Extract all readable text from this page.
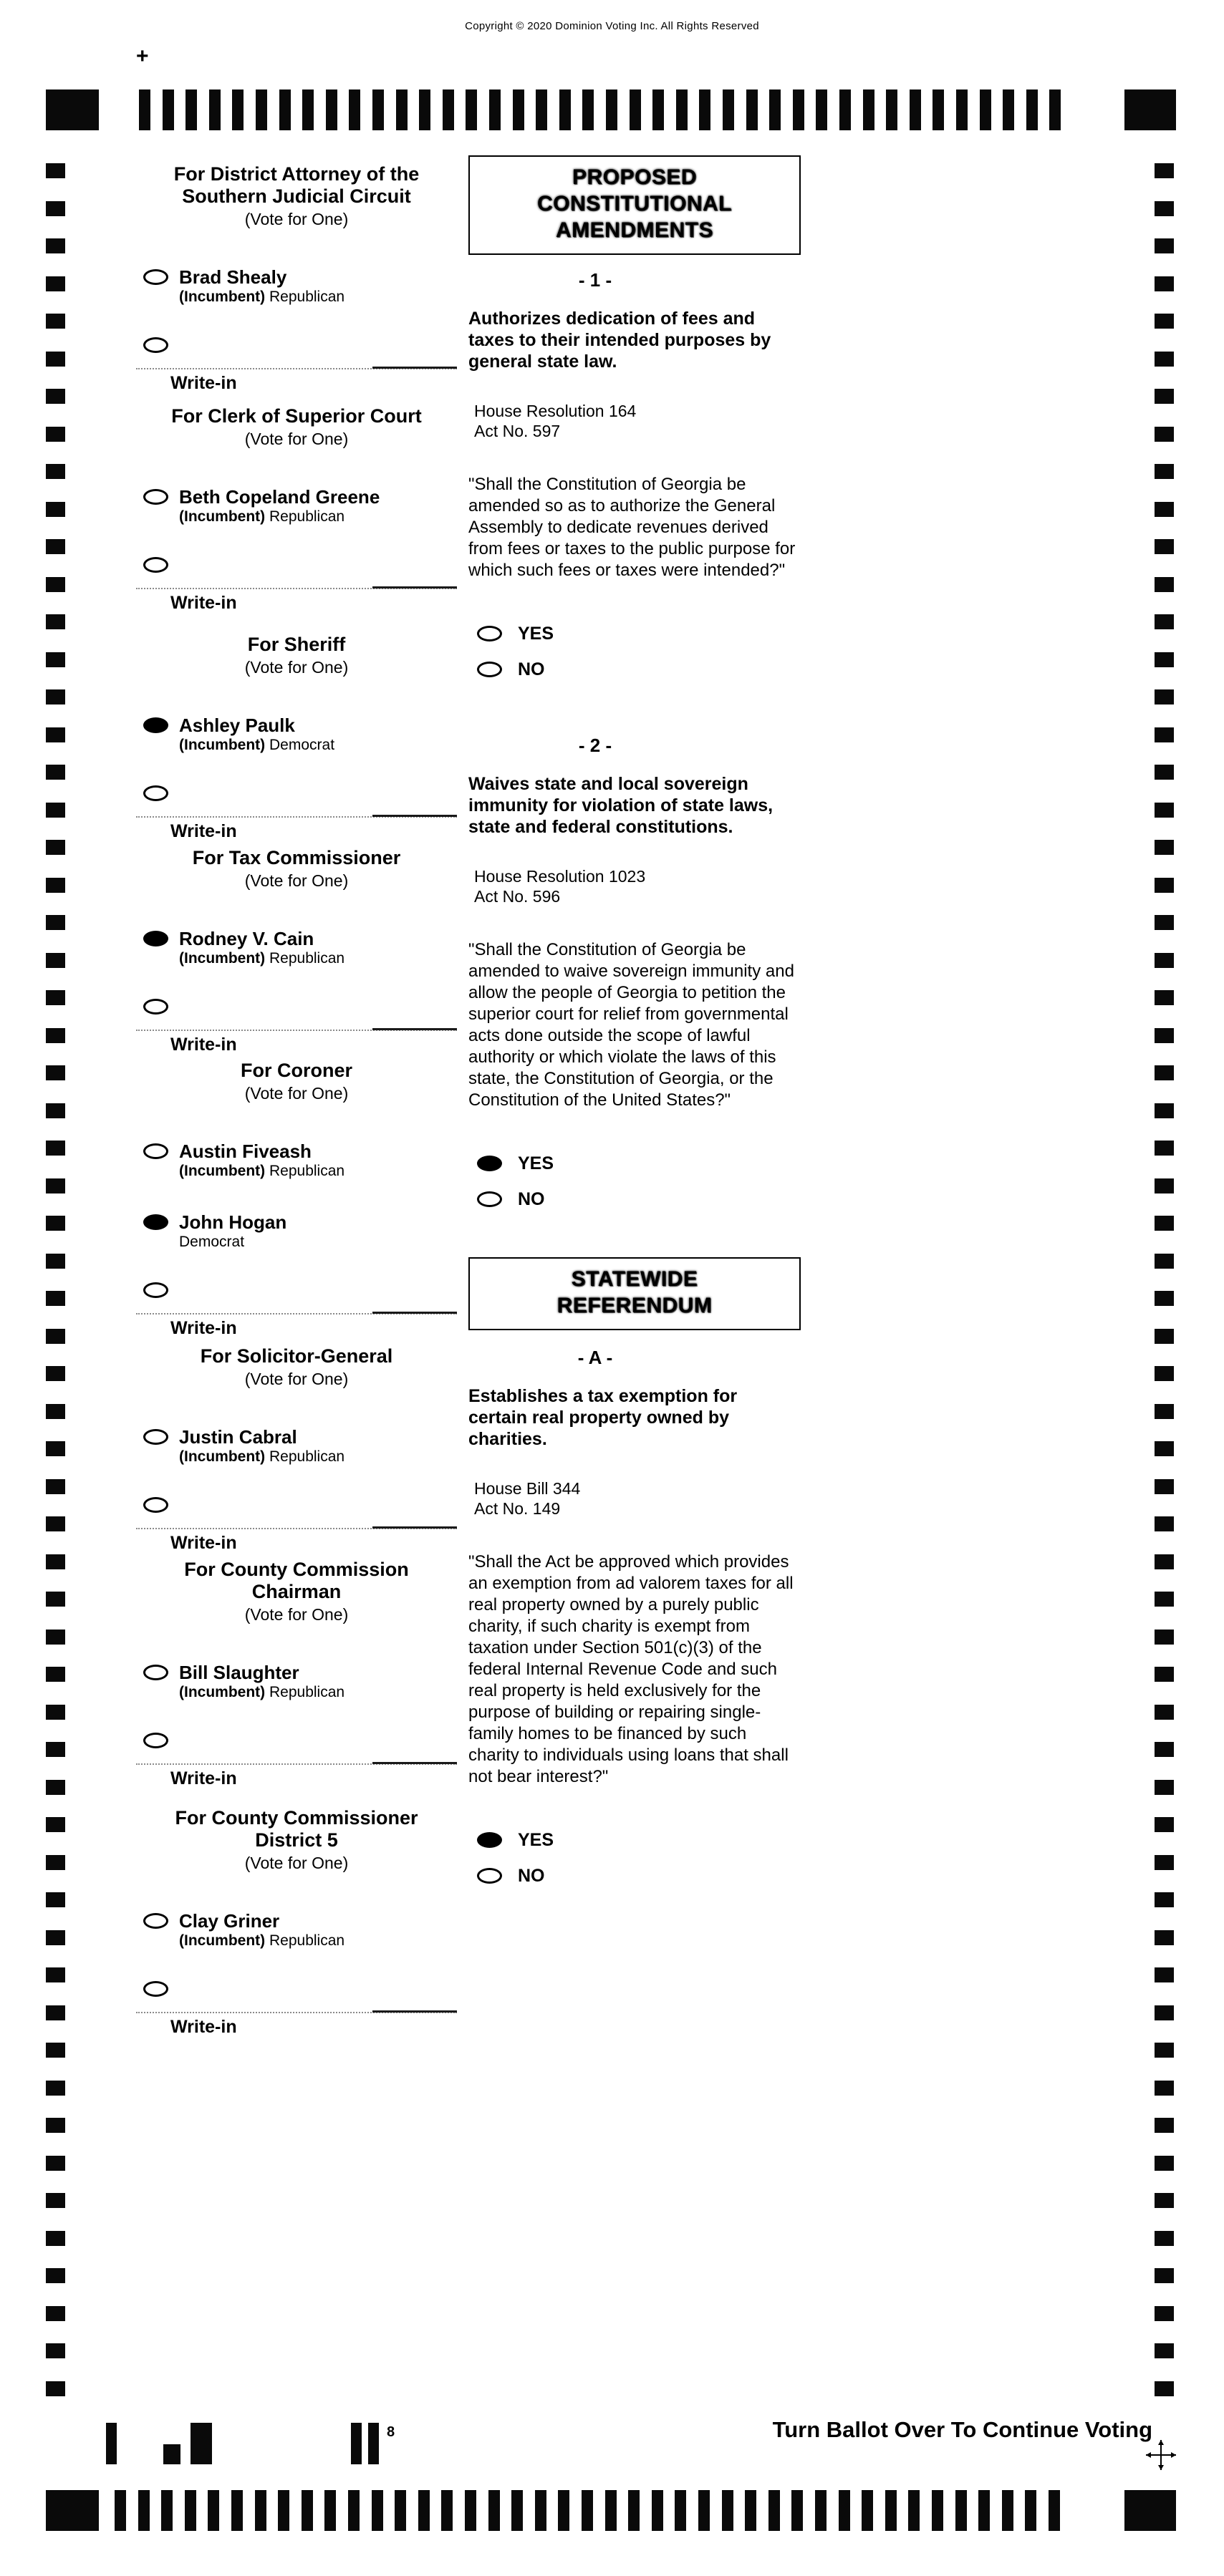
Copyright © 2020 Dominion Voting Inc. All Rights Reserved
+
For District Attorney of the
Southern Judicial Circuit
(Vote for One)
Brad Shealy
(Incumbent) Republican
Write-in
For Clerk of Superior Court
(Vote for One)
Beth Copeland Greene
(Incumbent) Republican
Write-in
For Sheriff
(Vote for One)
Ashley Paulk
(Incumbent) Democrat
Write-in
For Tax Commissioner
(Vote for One)
Rodney V. Cain
(Incumbent) Republican
Write-in
For Coroner
(Vote for One)
Austin Fiveash
(Incumbent) Republican
John Hogan
Democrat
Write-in
For Solicitor-General
(Vote for One)
Justin Cabral
(Incumbent) Republican
Write-in
For County Commission
Chairman
(Vote for One)
Bill Slaughter
(Incumbent) Republican
Write-in
For County Commissioner
District 5
(Vote for One)
Clay Griner
(Incumbent) Republican
Write-in
PROPOSED
CONSTITUTIONAL
AMENDMENTS
- 1 -
Authorizes dedication of fees and taxes to their intended purposes by general state law.
House Resolution 164
Act No. 597
"Shall the Constitution of Georgia be amended so as to authorize the General Assembly to dedicate revenues derived from fees or taxes to the public purpose for which such fees or taxes were intended?"
YES
NO
- 2 -
Waives state and local sovereign immunity for violation of state laws, state and federal constitutions.
House Resolution 1023
Act No. 596
"Shall the Constitution of Georgia be amended to waive sovereign immunity and allow the people of Georgia to petition the superior court for relief from governmental acts done outside the scope of lawful authority or which violate the laws of this state, the Constitution of Georgia, or the Constitution of the United States?"
YES
NO
STATEWIDE
REFERENDUM
- A -
Establishes a tax exemption for certain real property owned by charities.
House Bill 344
Act No. 149
"Shall the Act be approved which provides an exemption from ad valorem taxes for all real property owned by a purely public charity, if such charity is exempt from taxation under Section 501(c)(3) of the federal Internal Revenue Code and such real property is held exclusively for the purpose of building or repairing single-family homes to be financed by such charity to individuals using loans that shall not bear interest?"
YES
NO
Turn Ballot Over To Continue Voting
8
